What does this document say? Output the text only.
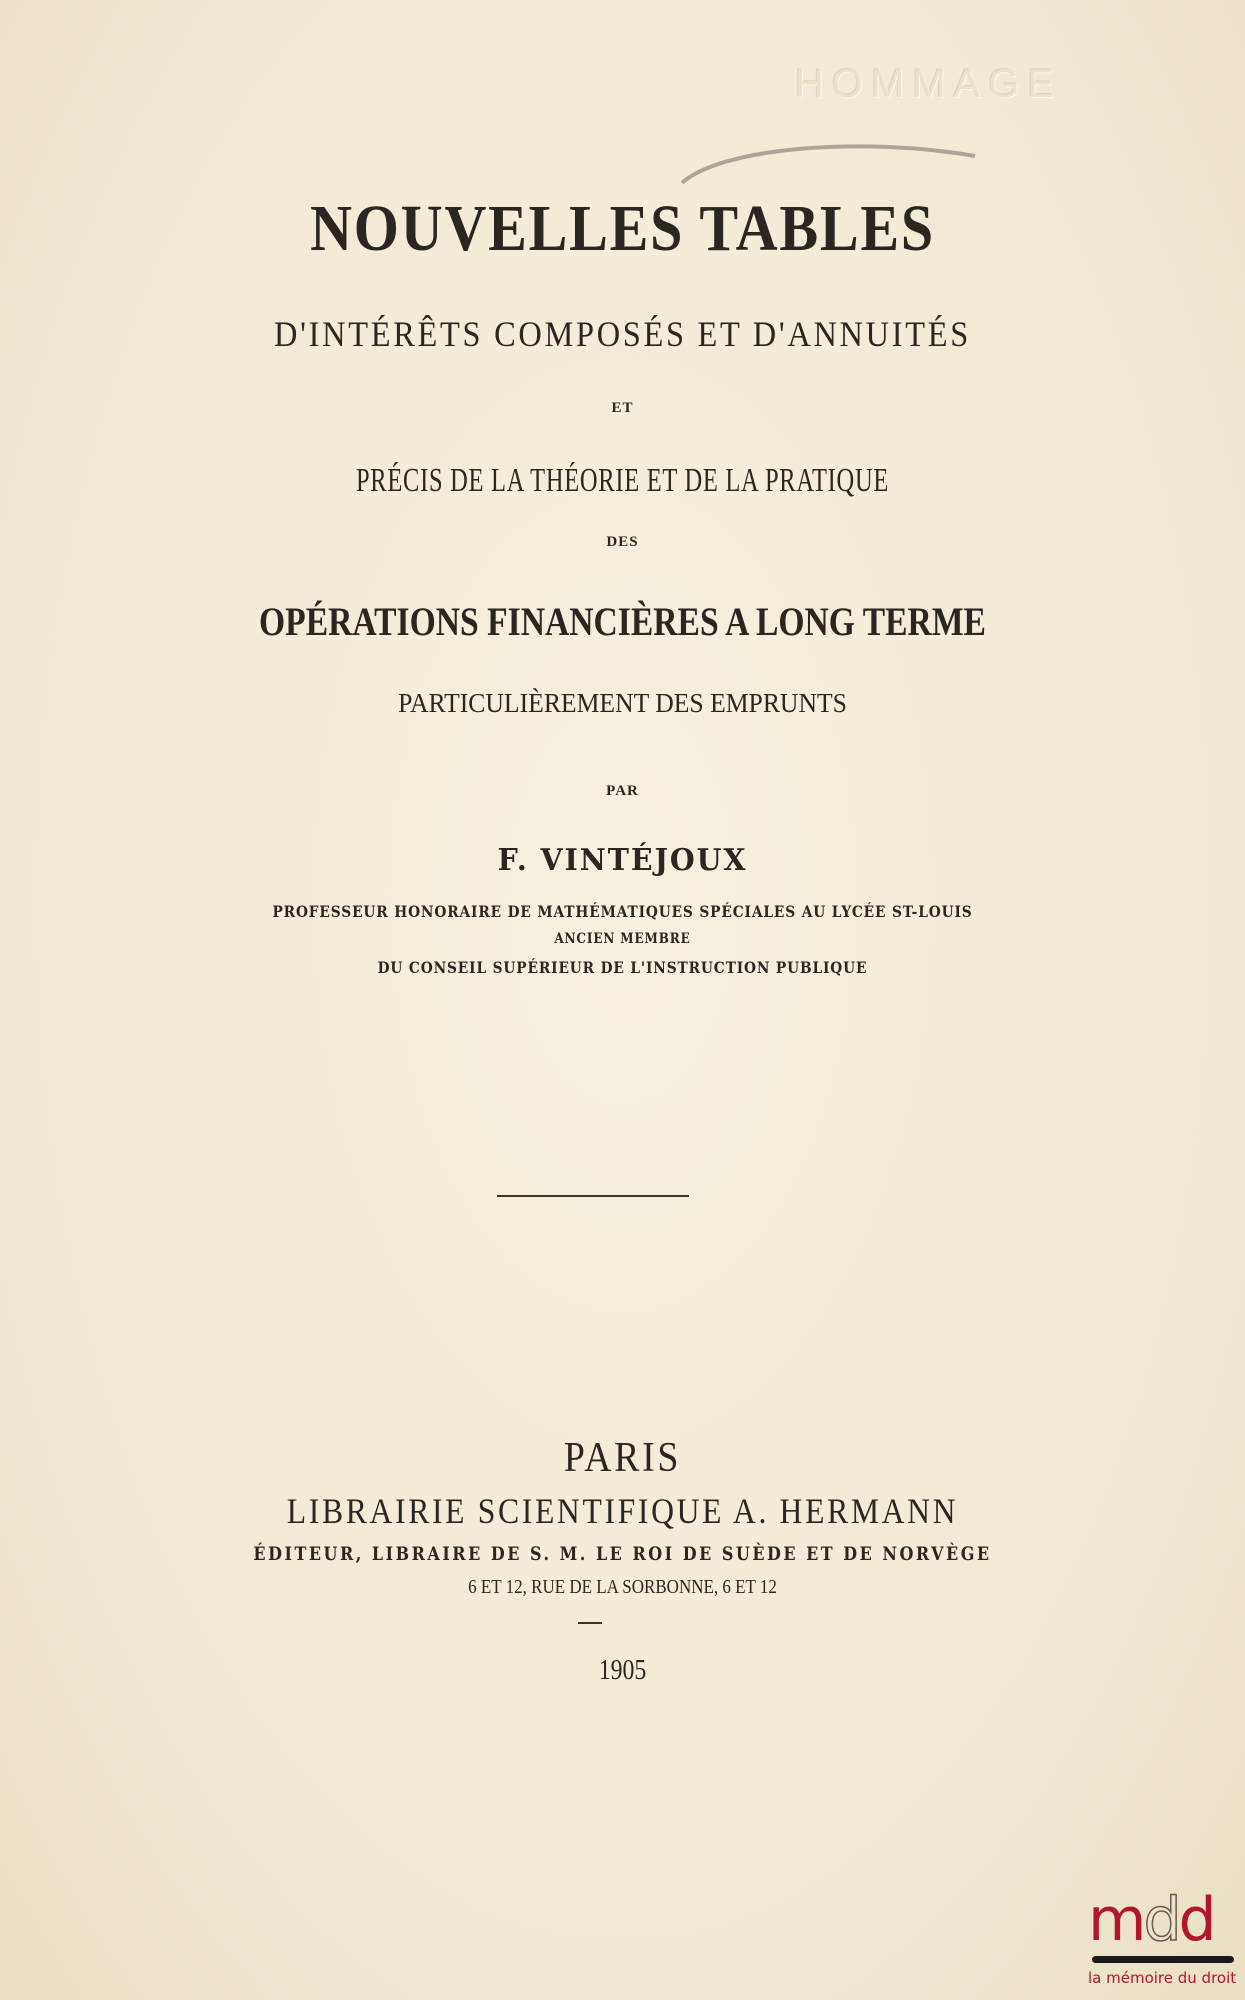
HOMMAGE
NOUVELLES TABLES
D'INTÉRÊTS COMPOSÉS ET D'ANNUITÉS
ET
PRÉCIS DE LA THÉORIE ET DE LA PRATIQUE
DES
OPÉRATIONS FINANCIÈRES A LONG TERME
PARTICULIÈREMENT DES EMPRUNTS
PAR
F. VINTÉJOUX
PROFESSEUR HONORAIRE DE MATHÉMATIQUES SPÉCIALES AU LYCÉE ST-LOUIS
ANCIEN MEMBRE
DU CONSEIL SUPÉRIEUR DE L'INSTRUCTION PUBLIQUE
PARIS
LIBRAIRIE SCIENTIFIQUE A. HERMANN
ÉDITEUR, LIBRAIRE DE S. M. LE ROI DE SUÈDE ET DE NORVÈGE
6 ET 12, RUE DE LA SORBONNE, 6 ET 12
1905
mdd
la mémoire du droit
